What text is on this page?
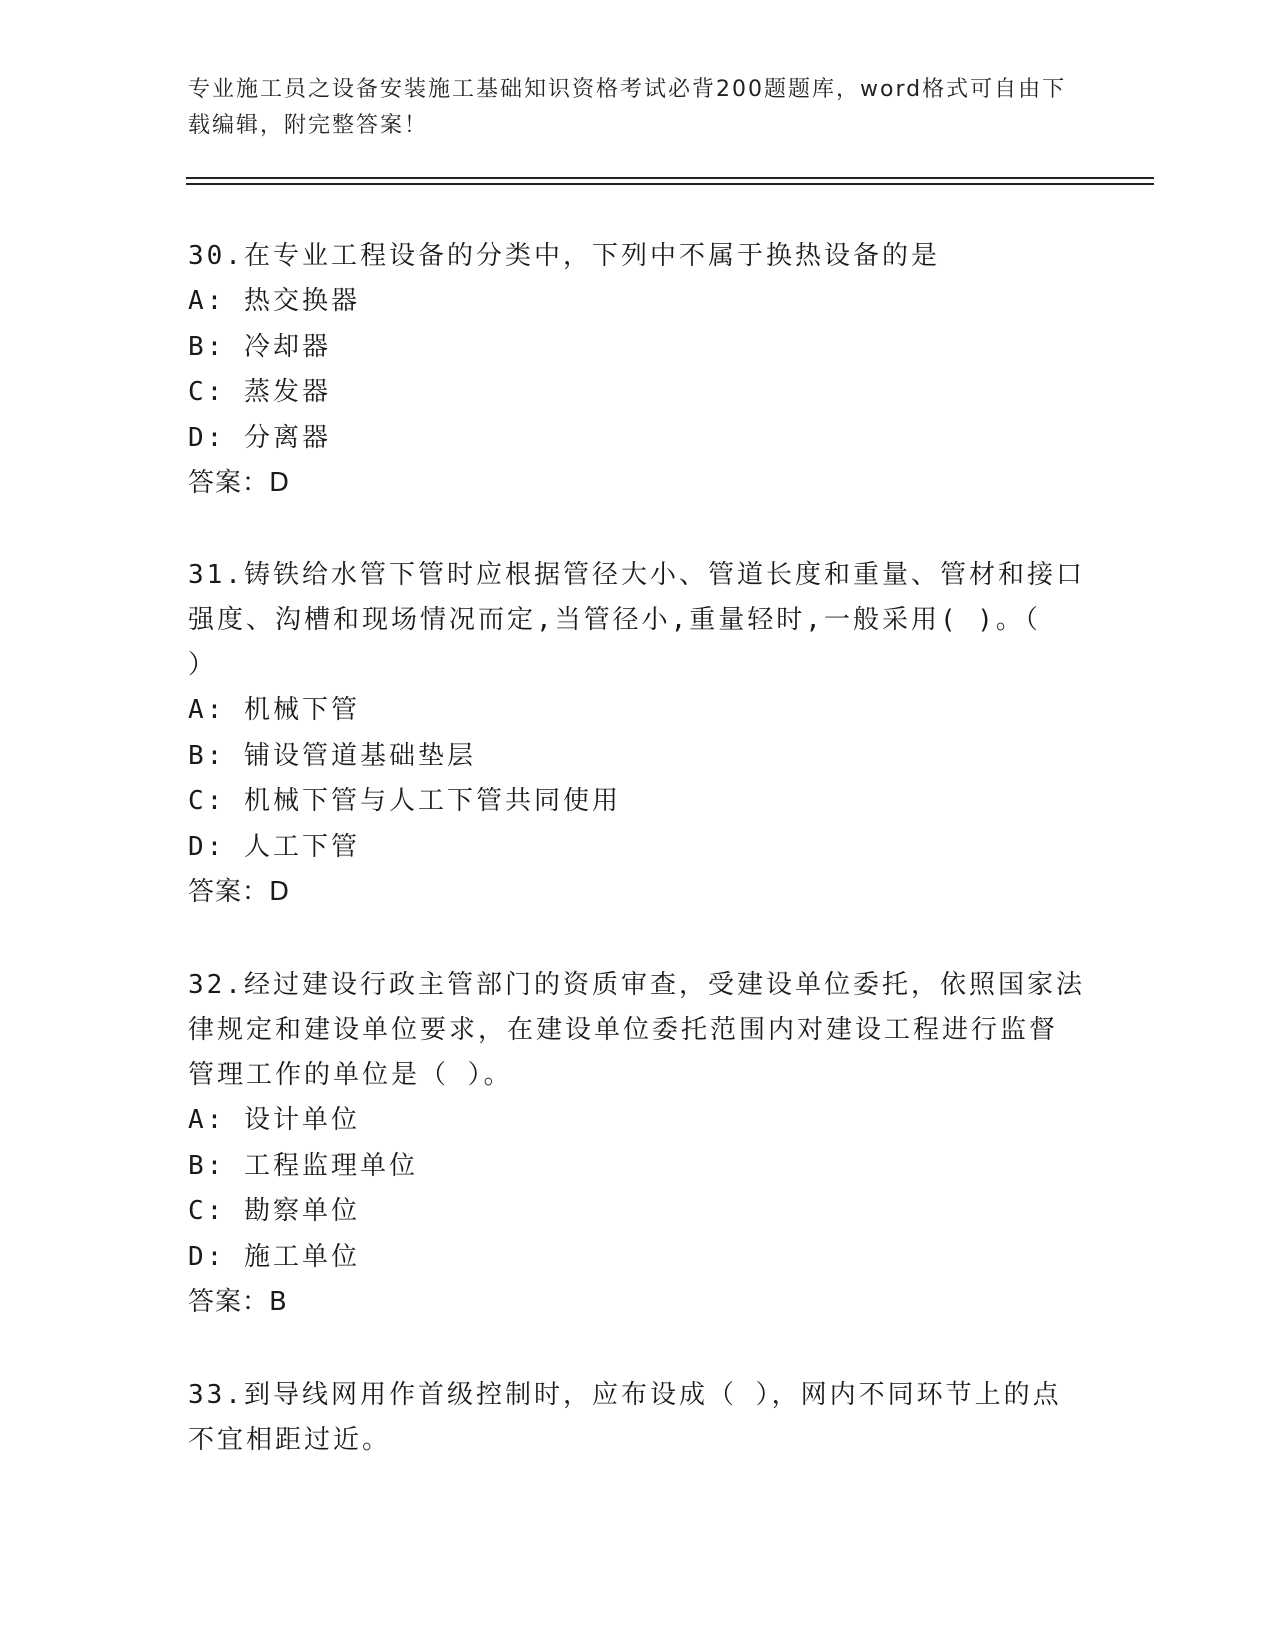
专业施工员之设备安装施工基础知识资格考试必背200题题库，word格式可自由下载编辑，附完整答案！
30.在专业工程设备的分类中，下列中不属于换热设备的是
A: 热交换器
B: 冷却器
C: 蒸发器
D: 分离器
答案：D
31.铸铁给水管下管时应根据管径大小、管道长度和重量、管材和接口
强度、沟槽和现场情况而定,当管径小,重量轻时,一般采用( )。（
）
A: 机械下管
B: 铺设管道基础垫层
C: 机械下管与人工下管共同使用
D: 人工下管
答案：D
32.经过建设行政主管部门的资质审查，受建设单位委托，依照国家法
律规定和建设单位要求，在建设单位委托范围内对建设工程进行监督
管理工作的单位是（ ）。
A: 设计单位
B: 工程监理单位
C: 勘察单位
D: 施工单位
答案：B
33.到导线网用作首级控制时，应布设成（ ），网内不同环节上的点
不宜相距过近。
